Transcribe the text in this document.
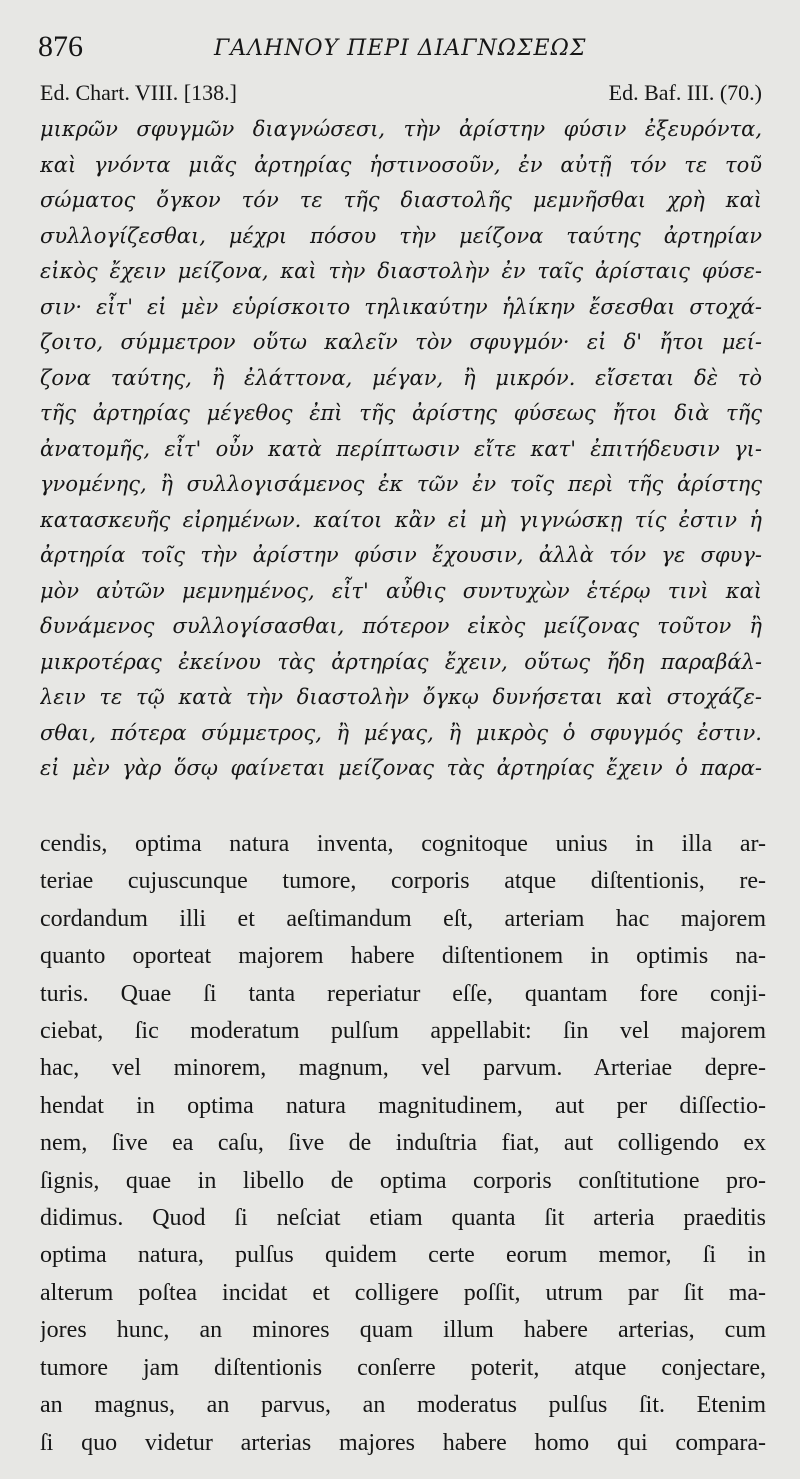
876	ΓΑΛΗΝΟΥ ΠΕΡΙ ΔΙΑΓΝΩΣΕΩΣ
Ed. Chart. VIII. [138.]	Ed. Baf. III. (70.)
μικρῶν σφυγμῶν διαγνώσεσι, τὴν ἀρίστην φύσιν ἐξευρόντα,
καὶ γνόντα μιᾶς ἀρτηρίας ἡστινοσοῦν, ἐν αὐτῇ τόν τε τοῦ
σώματος ὄγκον τόν τε τῆς διαστολῆς μεμνῆσθαι χρὴ καὶ
συλλογίζεσθαι, μέχρι πόσου τὴν μείζονα ταύτης ἀρτηρίαν
εἰκὸς ἔχειν μείζονα, καὶ τὴν διαστολὴν ἐν ταῖς ἀρίσταις φύσε-
σιν· εἶτ' εἰ μὲν εὑρίσκοιτο τηλικαύτην ἡλίκην ἔσεσθαι στοχά-
ζοιτο, σύμμετρον οὕτω καλεῖν τὸν σφυγμόν· εἰ δ' ἤτοι μεί-
ζονα ταύτης, ἢ ἐλάττονα, μέγαν, ἢ μικρόν. εἴσεται δὲ τὸ
τῆς ἀρτηρίας μέγεθος ἐπὶ τῆς ἀρίστης φύσεως ἤτοι διὰ τῆς
ἀνατομῆς, εἶτ' οὖν κατὰ περίπτωσιν εἴτε κατ' ἐπιτήδευσιν γι-
γνομένης, ἢ συλλογισάμενος ἐκ τῶν ἐν τοῖς περὶ τῆς ἀρίστης
κατασκευῆς εἰρημένων. καίτοι κἂν εἰ μὴ γιγνώσκῃ τίς ἐστιν ἡ
ἀρτηρία τοῖς τὴν ἀρίστην φύσιν ἔχουσιν, ἀλλὰ τόν γε σφυγ-
μὸν αὐτῶν μεμνημένος, εἶτ' αὖθις συντυχὼν ἑτέρῳ τινὶ καὶ
δυνάμενος συλλογίσασθαι, πότερον εἰκὸς μείζονας τοῦτον ἢ
μικροτέρας ἐκείνου τὰς ἀρτηρίας ἔχειν, οὕτως ἤδη παραβάλ-
λειν τε τῷ κατὰ τὴν διαστολὴν ὄγκῳ δυνήσεται καὶ στοχάζε-
σθαι, πότερα σύμμετρος, ἢ μέγας, ἢ μικρὸς ὁ σφυγμός ἐστιν.
εἰ μὲν γὰρ ὅσῳ φαίνεται μείζονας τὰς ἀρτηρίας ἔχειν ὁ παρα-
cendis, optima natura inventa, cognitoque unius in illa ar-
teriae cujuscunque tumore, corporis atque diſtentionis, re-
cordandum illi et aeſtimandum eſt, arteriam hac majorem
quanto oporteat majorem habere diſtentionem in optimis na-
turis. Quae ſi tanta reperiatur eſſe, quantam fore conji-
ciebat, ſic moderatum pulſum appellabit: ſin vel majorem
hac, vel minorem, magnum, vel parvum. Arteriae depre-
hendat in optima natura magnitudinem, aut per diſſectio-
nem, ſive ea caſu, ſive de induſtria fiat, aut colligendo ex
ſignis, quae in libello de optima corporis conſtitutione pro-
didimus. Quod ſi neſciat etiam quanta ſit arteria praeditis
optima natura, pulſus quidem certe eorum memor, ſi in
alterum poſtea incidat et colligere poſſit, utrum par ſit ma-
jores hunc, an minores quam illum habere arterias, cum
tumore jam diſtentionis conſerre poterit, atque conjectare,
an magnus, an parvus, an moderatus pulſus ſit. Etenim
ſi quo videtur arterias majores habere homo qui compara-
